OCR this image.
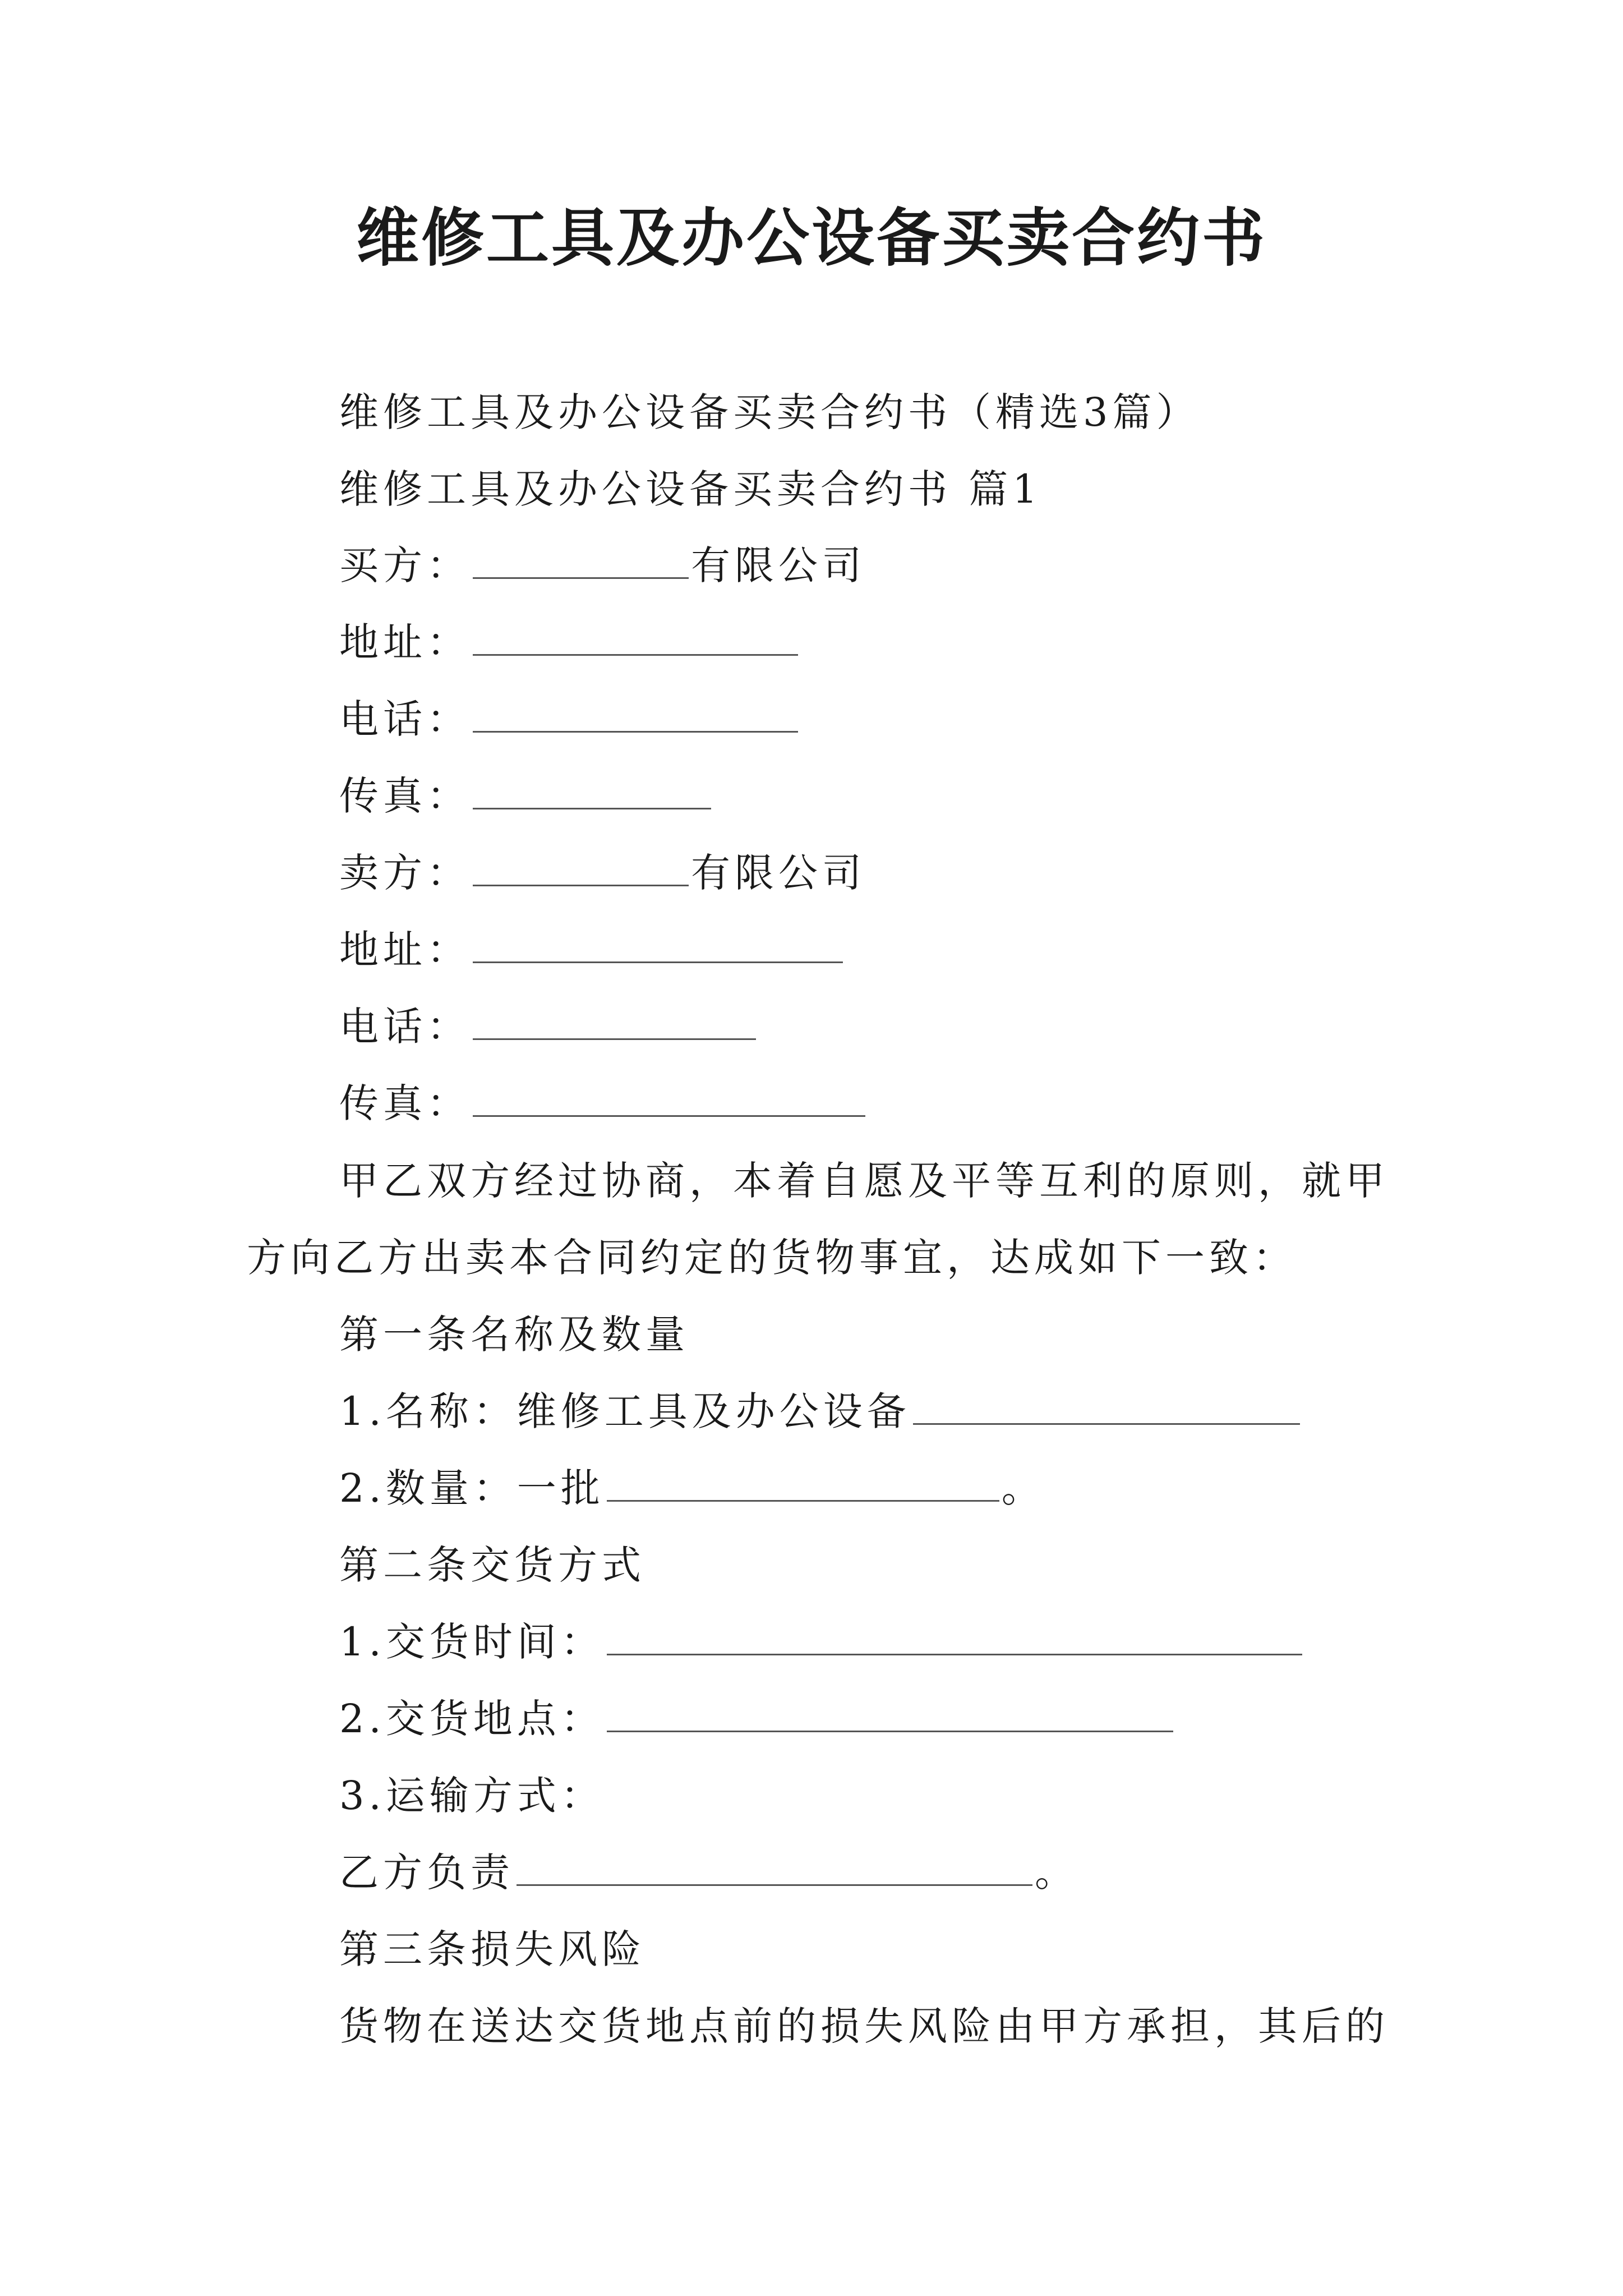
维修工具及办公设备买卖合约书
维修工具及办公设备买卖合约书（精选3篇）
维修工具及办公设备买卖合约书 篇1
买方：	有限公司
地址：
电话：
传真：
卖方：	有限公司
地址：
电话：
传真：
甲乙双方经过协商，本着自愿及平等互利的原则，就甲
方向乙方出卖本合同约定的货物事宜，达成如下一致：
第一条名称及数量
1.名称：维修工具及办公设备
2.数量：一批	。
第二条交货方式
1.交货时间：
2.交货地点：
3.运输方式：
乙方负责	。
第三条损失风险
货物在送达交货地点前的损失风险由甲方承担，其后的
